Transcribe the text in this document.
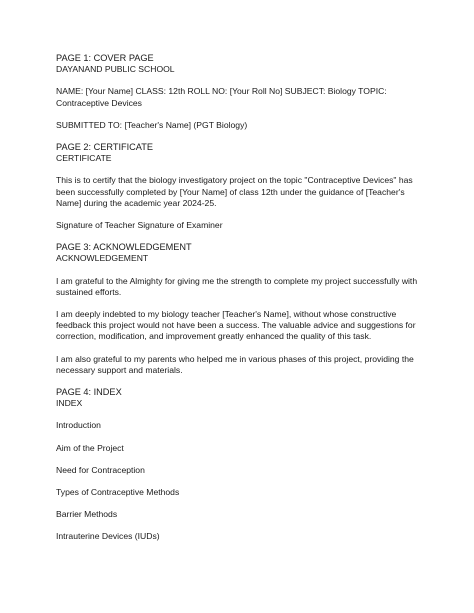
PAGE 1: COVER PAGE

DAYANAND PUBLIC SCHOOL

NAME: [Your Name] CLASS: 12th ROLL NO: [Your Roll No] SUBJECT: Biology TOPIC:

Contraceptive Devices

SUBMITTED TO: [Teacher's Name] (PGT Biology)

PAGE 2: CERTIFICATE

CERTIFICATE

This is to certify that the biology investigatory project on the topic "Contraceptive Devices" has

been successfully completed by [Your Name] of class 12th under the guidance of [Teacher's

Name] during the academic year 2024-25.

Signature of Teacher Signature of Examiner

PAGE 3: ACKNOWLEDGEMENT

ACKNOWLEDGEMENT

I am grateful to the Almighty for giving me the strength to complete my project successfully with

sustained efforts.

I am deeply indebted to my biology teacher [Teacher's Name], without whose constructive

feedback this project would not have been a success. The valuable advice and suggestions for

correction, modification, and improvement greatly enhanced the quality of this task.

I am also grateful to my parents who helped me in various phases of this project, providing the

necessary support and materials.

PAGE 4: INDEX

INDEX

Introduction

Aim of the Project

Need for Contraception

Types of Contraceptive Methods

Barrier Methods

Intrauterine Devices (IUDs)
